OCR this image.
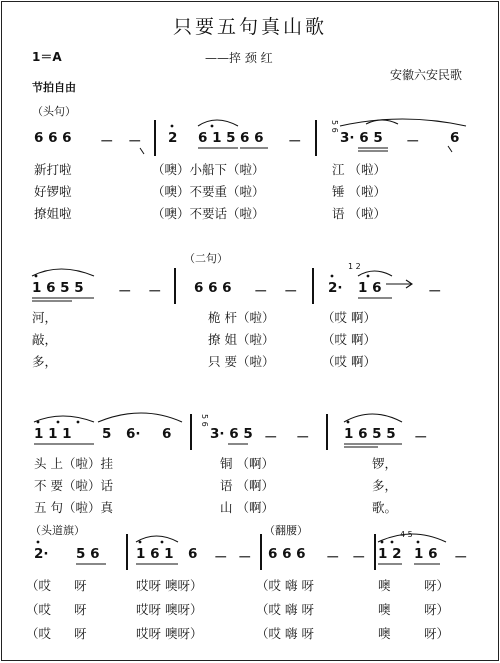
只要五句真山歌
1＝A	——捽 颈 红
安徽六安民歌
节拍自由
（头句）
6 6 6 － － 2 6 1 5 6 6 －
5 6
3· 6 5 － 6
新打啦	（噢）小船下（啦）	江 （啦）
好锣啦	（噢）不要重（啦）	锤 （啦）
撩姐啦	（噢）不要话（啦）	语 （啦）
（二句）
1 6 5 5	－ － 6 6 6 － － 2·
1 2
1 6	－
河，	桅 杆（啦）	（哎 啊）
敲，	撩 姐（啦）	（哎 啊）
多，	只 要（啦）	（哎 啊）
1 1 1 5 6· 6
5 6
3· 6 5 － －	1 6 5 5 －
头 上（啦）挂	铜 （啊）	锣，
不 要（啦）话	语 （啊）	多，
五 句（啦）真	山 （啊）	歌。
（头道旗）	（翻腰）
2· 5 6	1 6 1 6 － － 6 6 6 － － 1 2
4 5
1 6 －
（哎 呀	哎呀 噢呀）	（哎 嗨 呀	噢	呀）
（哎 呀	哎呀 噢呀）	（哎 嗨 呀	噢	呀）
（哎 呀	哎呀 噢呀）	（哎 嗨 呀	噢	呀）
